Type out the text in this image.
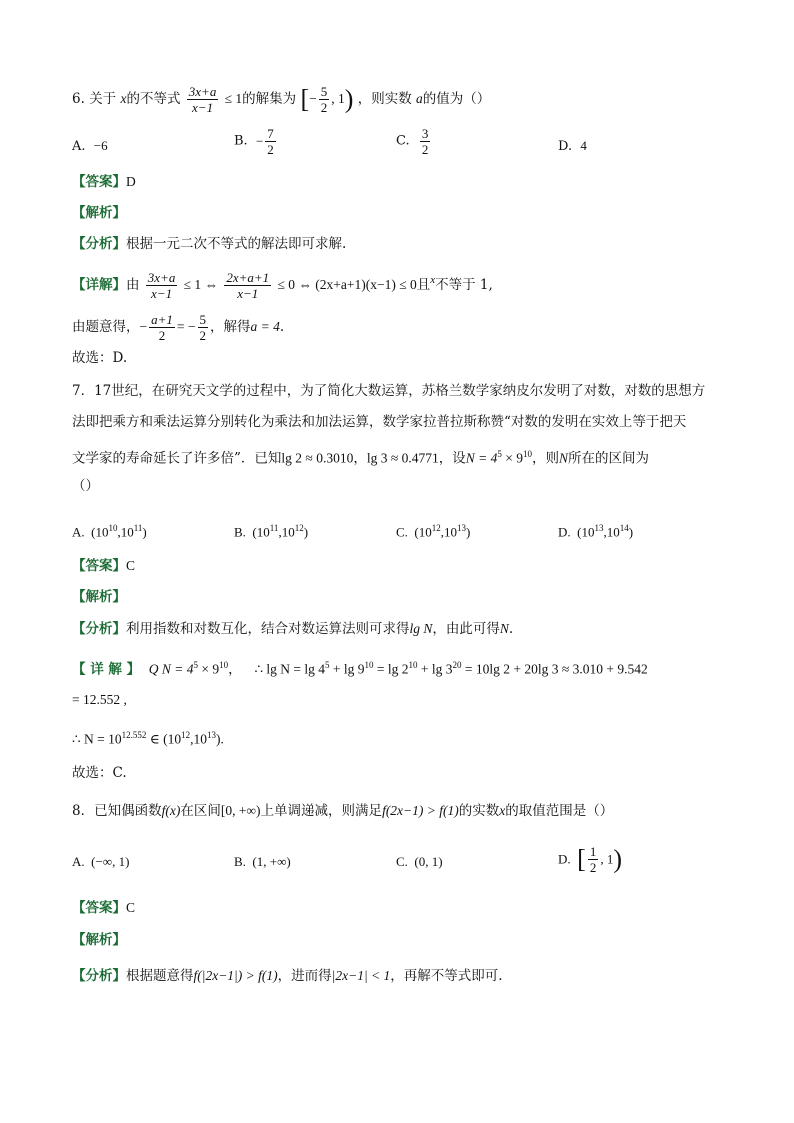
6. 关于 x的不等式 $\frac{3x+a}{x-1} \le 1$的解集为 [− $\frac{5}{2}$ , 1) ，则实数 a的值为（）
A. −6	B. − $\frac{7}{2}$	C. $\frac{3}{2}$	D. 4
【答案】D
【解析】
【分析】根据一元二次不等式的解法即可求解.
【详解】由 $\frac{3x+a}{x-1} \le 1$ ⇔ $\frac{2x+a+1}{x-1} \le 0$ ⇔ (2x+a+1)(x−1) ≤ 0且$^x$不等于 1,
由题意得，− $\frac{a+1}{2}$ = − $\frac{5}{2}$ ，解得a = 4.
故选：D.
7．17世纪，在研究天文学的过程中，为了简化大数运算，苏格兰数学家纳皮尔发明了对数，对数的思想方
法即把乘方和乘法运算分别转化为乘法和加法运算，数学家拉普拉斯称赞“对数的发明在实效上等于把天
文学家的寿命延长了许多倍”．已知lg 2 ≈ 0.3010，lg 3 ≈ 0.4771，设$N = 4^5 \times 9^{10}$，则N所在的区间为
（）
A. $(10^{10},10^{11})$	B. $(10^{11},10^{12})$	C. $(10^{12},10^{13})$	D. $(10^{13},10^{14})$
【答案】C
【解析】
【分析】利用指数和对数互化，结合对数运算法则可求得lg N，由此可得N.
【 详 解 】 Q $N = 4^5 \times 9^{10}$， ∴ $\lg N = \lg 4^5 + \lg 9^{10} = \lg 2^{10} + \lg 3^{20} = 10\lg$ 2 + 20lg 3 ≈ 3.010 + 9.542
= 12.552 ,
∴ $N = 10^{12.552}$ ∈ $(10^{12},10^{13})$.
故选：C.
8．已知偶函数f(x)在区间[0, +∞)上单调递减，则满足f(2x−1) > f(1)的实数x的取值范围是（）
A. (−∞, 1)	B. (1, +∞)	C. (0, 1)	D. [ $\frac{1}{2}$ , 1)
【答案】C
【解析】
【分析】根据题意得f(|2x−1|) > f(1)，进而得|2x−1| < 1，再解不等式即可.
